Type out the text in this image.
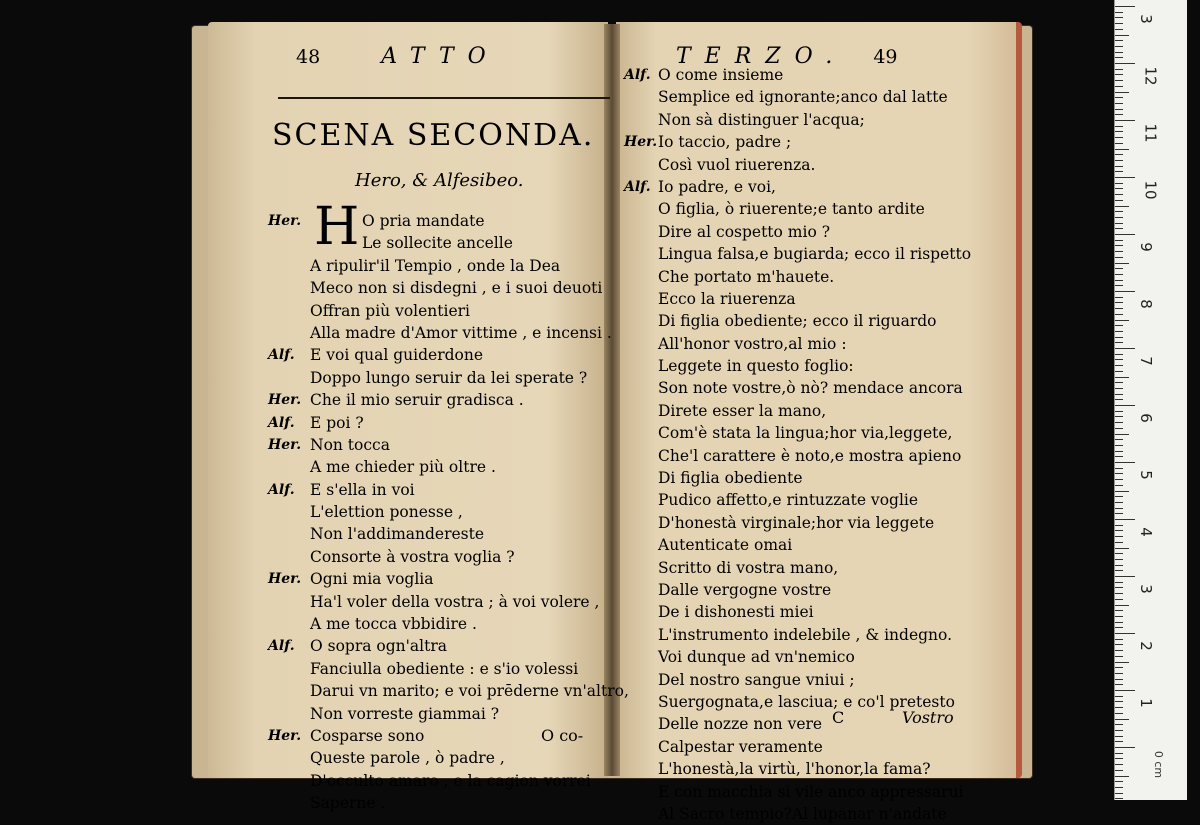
48	ATTO
SCENA SECONDA.
Hero, & Alfesibeo.
H
Her.	O pria mandate
Le sollecite ancelle
A ripulir'il Tempio , onde la Dea
Meco non si disdegni , e i suoi deuoti
Offran più volentieri
Alla madre d'Amor vittime , e incensi .
Alf. E voi qual guiderdone
Doppo lungo seruir da lei sperate ?
Her. Che il mio seruir gradisca .
Alf. E poi ?
Her. Non tocca
A me chieder più oltre .
Alf. E s'ella in voi
L'elettion ponesse ,
Non l'addimandereste
Consorte à vostra voglia ?
Her. Ogni mia voglia
Ha'l voler della vostra ; à voi volere ,
A me tocca vbbidire .
Alf. O sopra ogn'altra
Fanciulla obediente : e s'io volessi
Darui vn marito; e voi prēderne vn'altro,
Non vorreste giammai ?
Her. Cosparse sono
Queste parole , ò padre ,
D'occulto amaro , e la cagion vorrei
Saperne .
O co-
TERZO. 49
Alf. O come insieme
Semplice ed ignorante;anco dal latte
Non sà distinguer l'acqua;
Her. Io taccio, padre ;
Così vuol riuerenza.
Alf. Io padre, e voi,
O figlia, ò riuerente;e tanto ardite
Dire al cospetto mio ?
Lingua falsa,e bugiarda; ecco il rispetto
Che portato m'hauete.
Ecco la riuerenza
Di figlia obediente; ecco il riguardo
All'honor vostro,al mio :
Leggete in questo foglio:
Son note vostre,ò nò? mendace ancora
Direte esser la mano,
Com'è stata la lingua;hor via,leggete,
Che'l carattere è noto,e mostra apieno
Di figlia obediente
Pudico affetto,e rintuzzate voglie
D'honestà virginale;hor via leggete
Autenticate omai
Scritto di vostra mano,
Dalle vergogne vostre
De i dishonesti miei
L'instrumento indelebile , & indegno.
Voi dunque ad vn'nemico
Del nostro sangue vniui ;
Suergognata,e lasciua; e co'l pretesto
Delle nozze non vere
Calpestar veramente
L'honestà,la virtù, l'honor,la fama?
E con macchia si vile anco appressarui
Al Sacro tempio?Al lupanar n'andate
C	Vostro
0 cm
3
12
11
10
9
8
7
6
5
4
3
2
1
